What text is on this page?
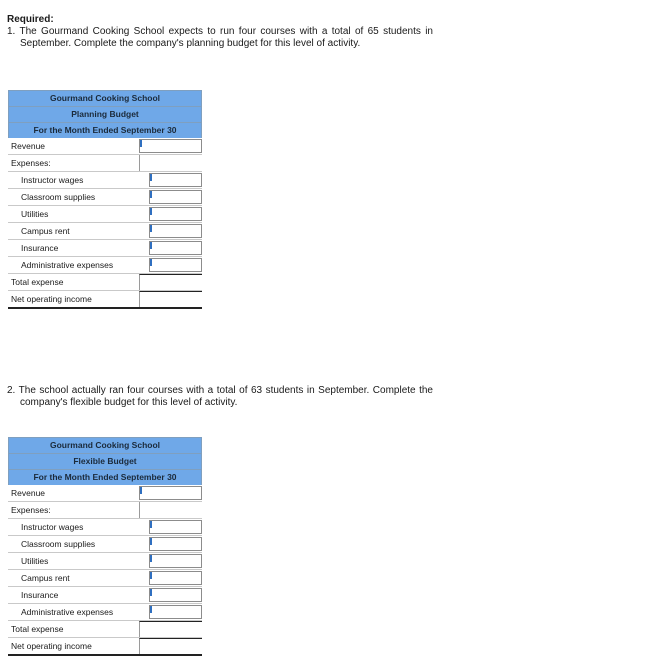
Required:
1. The Gourmand Cooking School expects to run four courses with a total of 65 students in September. Complete the company's planning budget for this level of activity.
Gourmand Cooking School
Planning Budget
For the Month Ended September 30
Revenue
Expenses:
Instructor wages
Classroom supplies
Utilities
Campus rent
Insurance
Administrative expenses
Total expense
Net operating income
2. The school actually ran four courses with a total of 63 students in September. Complete the company's flexible budget for this level of activity.
Gourmand Cooking School
Flexible Budget
For the Month Ended September 30
Revenue
Expenses:
Instructor wages
Classroom supplies
Utilities
Campus rent
Insurance
Administrative expenses
Total expense
Net operating income
